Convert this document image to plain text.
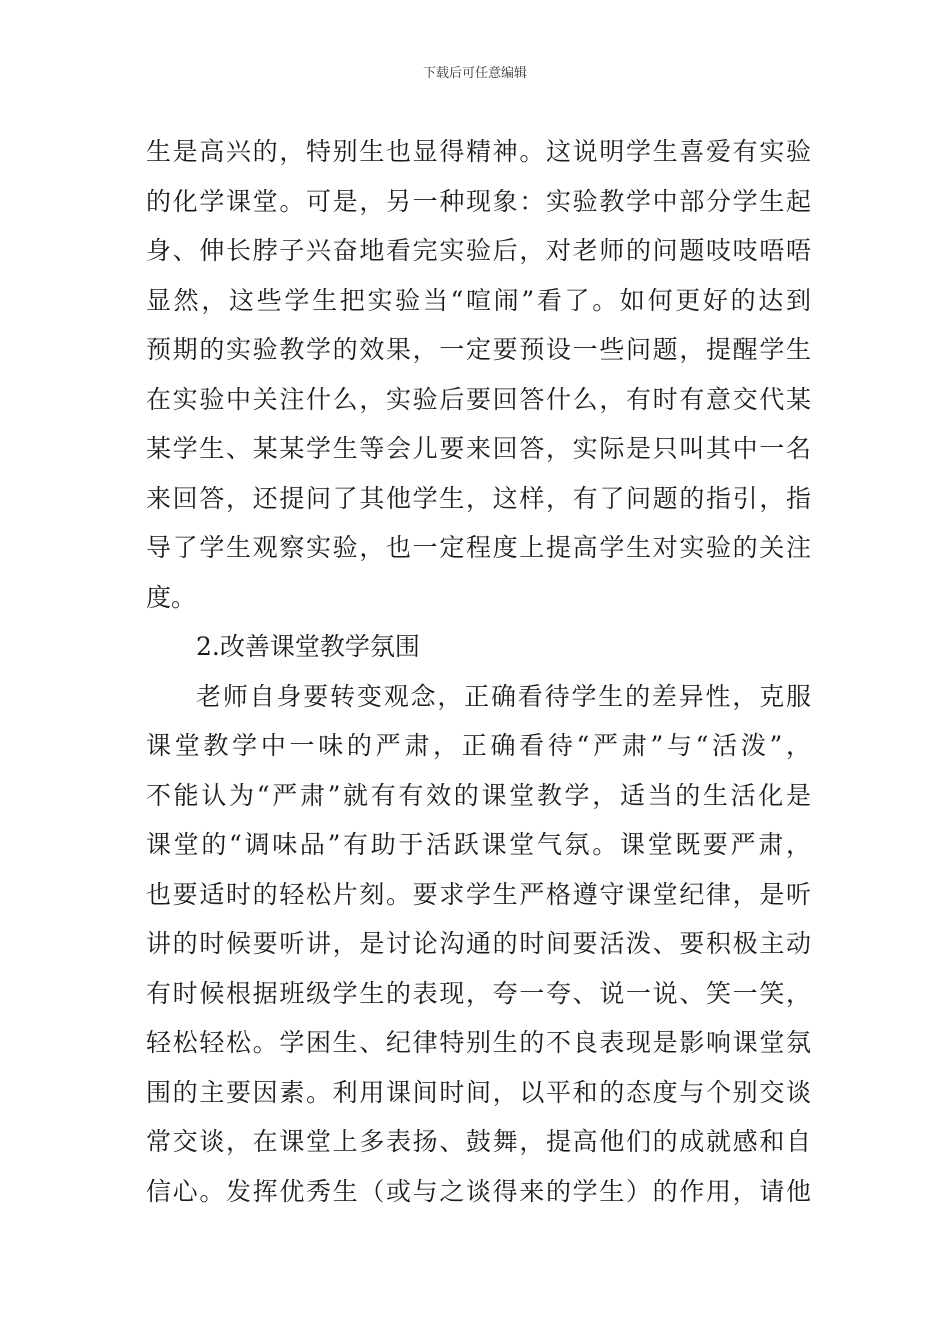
下载后可任意编辑
生是高兴的，特别生也显得精神。这说明学生喜爱有实验
的化学课堂。可是，另一种现象：实验教学中部分学生起
身、伸长脖子兴奋地看完实验后，对老师的问题吱吱唔唔
显然，这些学生把实验当“喧闹”看了。如何更好的达到
预期的实验教学的效果，一定要预设一些问题，提醒学生
在实验中关注什么，实验后要回答什么，有时有意交代某
某学生、某某学生等会儿要来回答，实际是只叫其中一名
来回答，还提问了其他学生，这样，有了问题的指引，指
导了学生观察实验，也一定程度上提高学生对实验的关注
度。
2.改善课堂教学氛围
老师自身要转变观念，正确看待学生的差异性，克服
课堂教学中一味的严肃，正确看待“严肃”与“活泼”，
不能认为“严肃”就有有效的课堂教学，适当的生活化是
课堂的“调味品”有助于活跃课堂气氛。课堂既要严肃，
也要适时的轻松片刻。要求学生严格遵守课堂纪律，是听
讲的时候要听讲，是讨论沟通的时间要活泼、要积极主动
有时候根据班级学生的表现，夸一夸、说一说、笑一笑，
轻松轻松。学困生、纪律特别生的不良表现是影响课堂氛
围的主要因素。利用课间时间，以平和的态度与个别交谈
常交谈，在课堂上多表扬、鼓舞，提高他们的成就感和自
信心。发挥优秀生（或与之谈得来的学生）的作用，请他
